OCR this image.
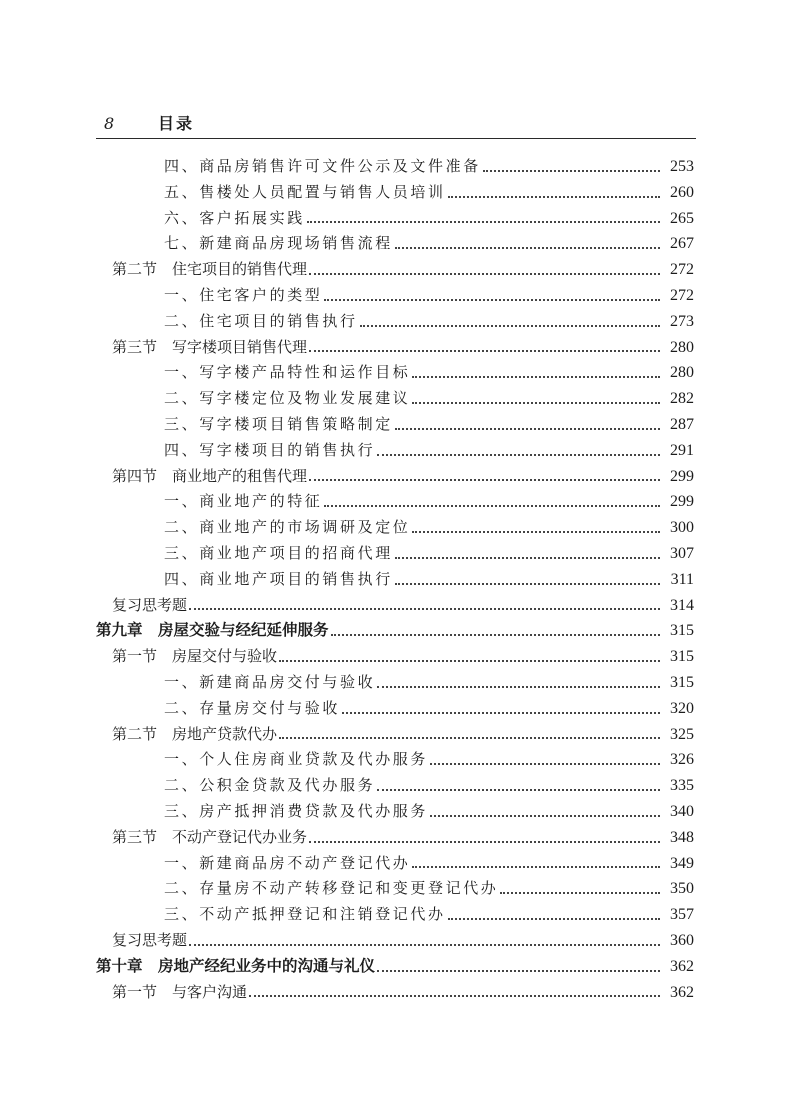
8	目录
四、商品房销售许可文件公示及文件准备	253
五、售楼处人员配置与销售人员培训	260
六、客户拓展实践	265
七、新建商品房现场销售流程	267
第二节　住宅项目的销售代理	272
一、住宅客户的类型	272
二、住宅项目的销售执行	273
第三节　写字楼项目销售代理	280
一、写字楼产品特性和运作目标	280
二、写字楼定位及物业发展建议	282
三、写字楼项目销售策略制定	287
四、写字楼项目的销售执行	291
第四节　商业地产的租售代理	299
一、商业地产的特征	299
二、商业地产的市场调研及定位	300
三、商业地产项目的招商代理	307
四、商业地产项目的销售执行	311
复习思考题	314
第九章　房屋交验与经纪延伸服务	315
第一节　房屋交付与验收	315
一、新建商品房交付与验收	315
二、存量房交付与验收	320
第二节　房地产贷款代办	325
一、个人住房商业贷款及代办服务	326
二、公积金贷款及代办服务	335
三、房产抵押消费贷款及代办服务	340
第三节　不动产登记代办业务	348
一、新建商品房不动产登记代办	349
二、存量房不动产转移登记和变更登记代办	350
三、不动产抵押登记和注销登记代办	357
复习思考题	360
第十章　房地产经纪业务中的沟通与礼仪	362
第一节　与客户沟通	362
